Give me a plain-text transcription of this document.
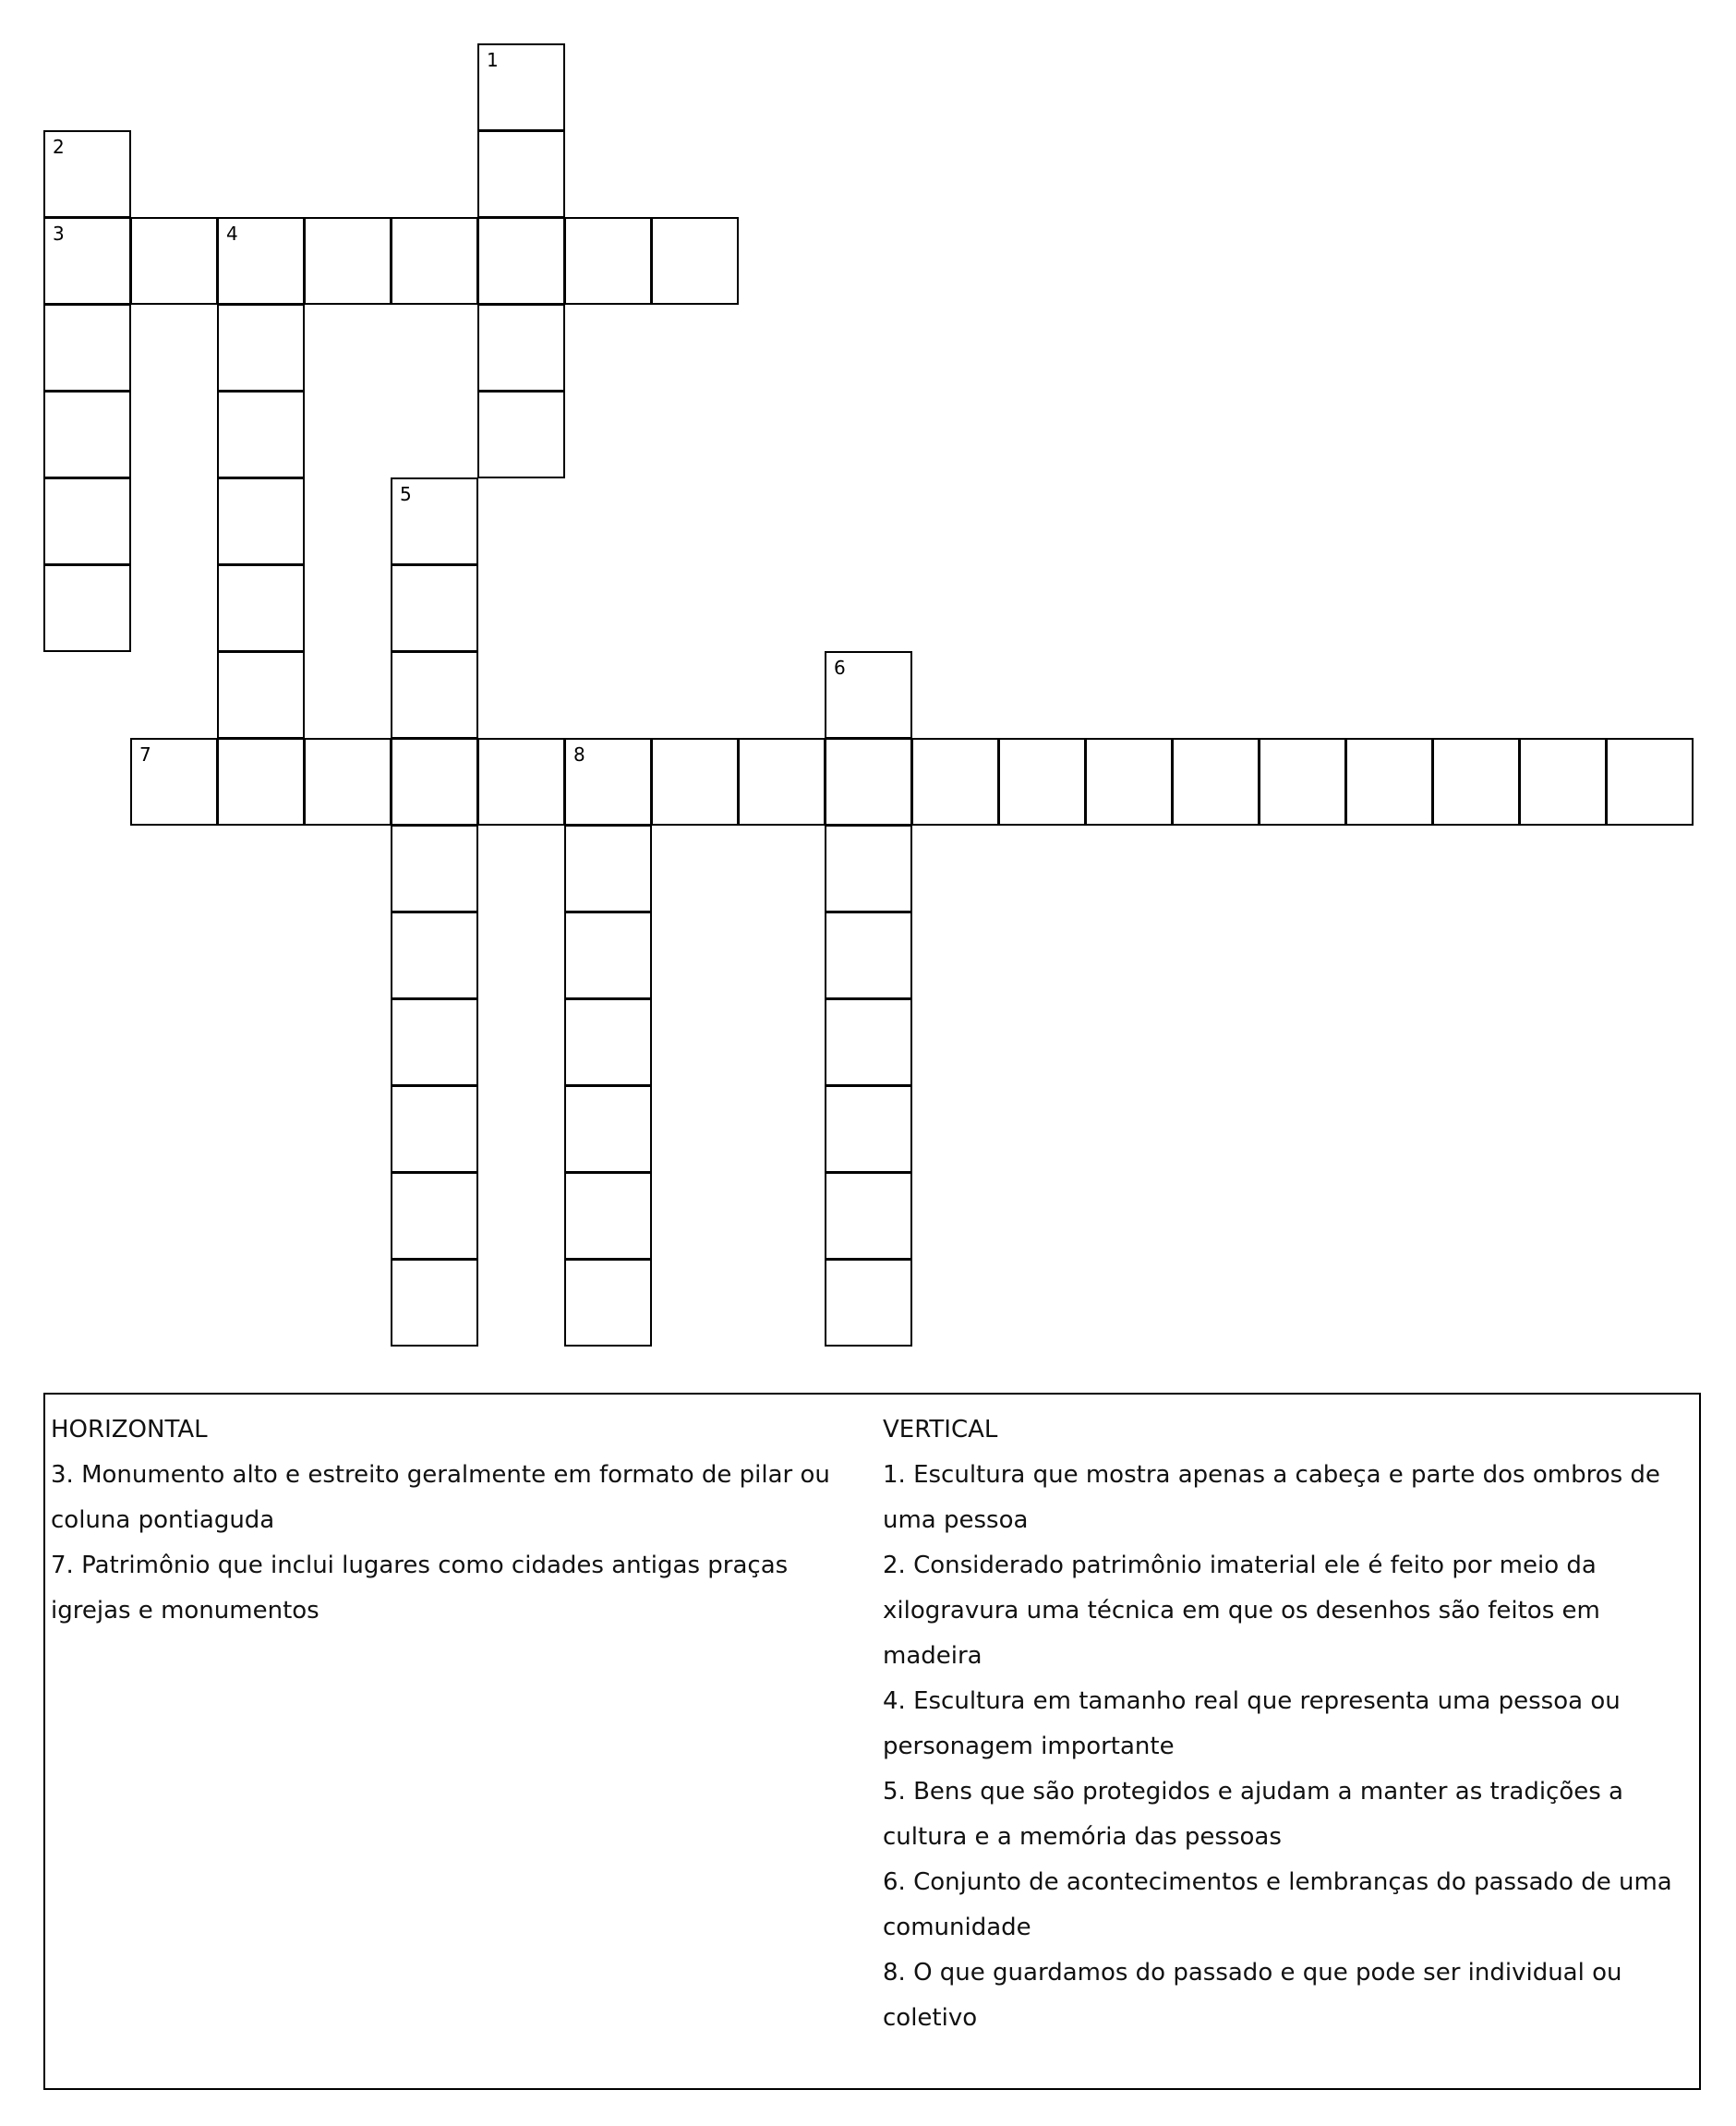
1
2
3	4
5
6
7	8

HORIZONTAL

3. Monumento alto e estreito geralmente em formato de pilar ou coluna pontiaguda

7. Patrimônio que inclui lugares como cidades antigas praças igrejas e monumentos

VERTICAL

1. Escultura que mostra apenas a cabeça e parte dos ombros de uma pessoa

2. Considerado patrimônio imaterial ele é feito por meio da xilogravura uma técnica em que os desenhos são feitos em madeira

4. Escultura em tamanho real que representa uma pessoa ou personagem importante

5. Bens que são protegidos e ajudam a manter as tradições a cultura e a memória das pessoas

6. Conjunto de acontecimentos e lembranças do passado de uma comunidade

8. O que guardamos do passado e que pode ser individual ou coletivo
